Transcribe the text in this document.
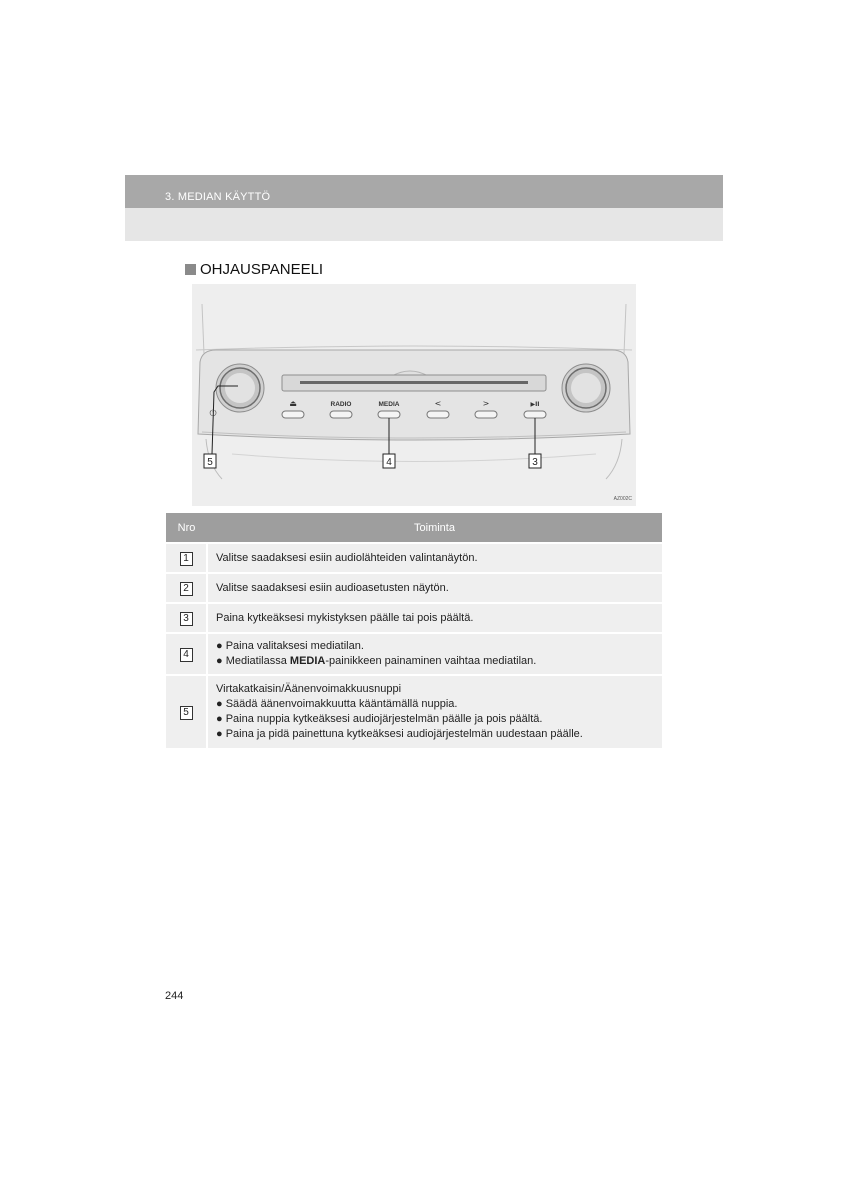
3. MEDIAN KÄYTTÖ
OHJAUSPANEELI
⏏	RADIO	MEDIA	<	>	▶II
⏻
5	4	3
AZ002C
Nro	Toiminta
1	Valitse saadaksesi esiin audiolähteiden valintanäytön.
2	Valitse saadaksesi esiin audioasetusten näytön.
3	Paina kytkeäksesi mykistyksen päälle tai pois päältä.
4	● Paina valitaksesi mediatilan.
● Mediatilassa MEDIA-painikkeen painaminen vaihtaa mediatilan.

5	Virtakatkaisin/Äänenvoimakkuusnuppi
● Säädä äänenvoimakkuutta kääntämällä nuppia.
● Paina nuppia kytkeäksesi audiojärjestelmän päälle ja pois päältä.
● Paina ja pidä painettuna kytkeäksesi audiojärjestelmän uudestaan päälle.
244
